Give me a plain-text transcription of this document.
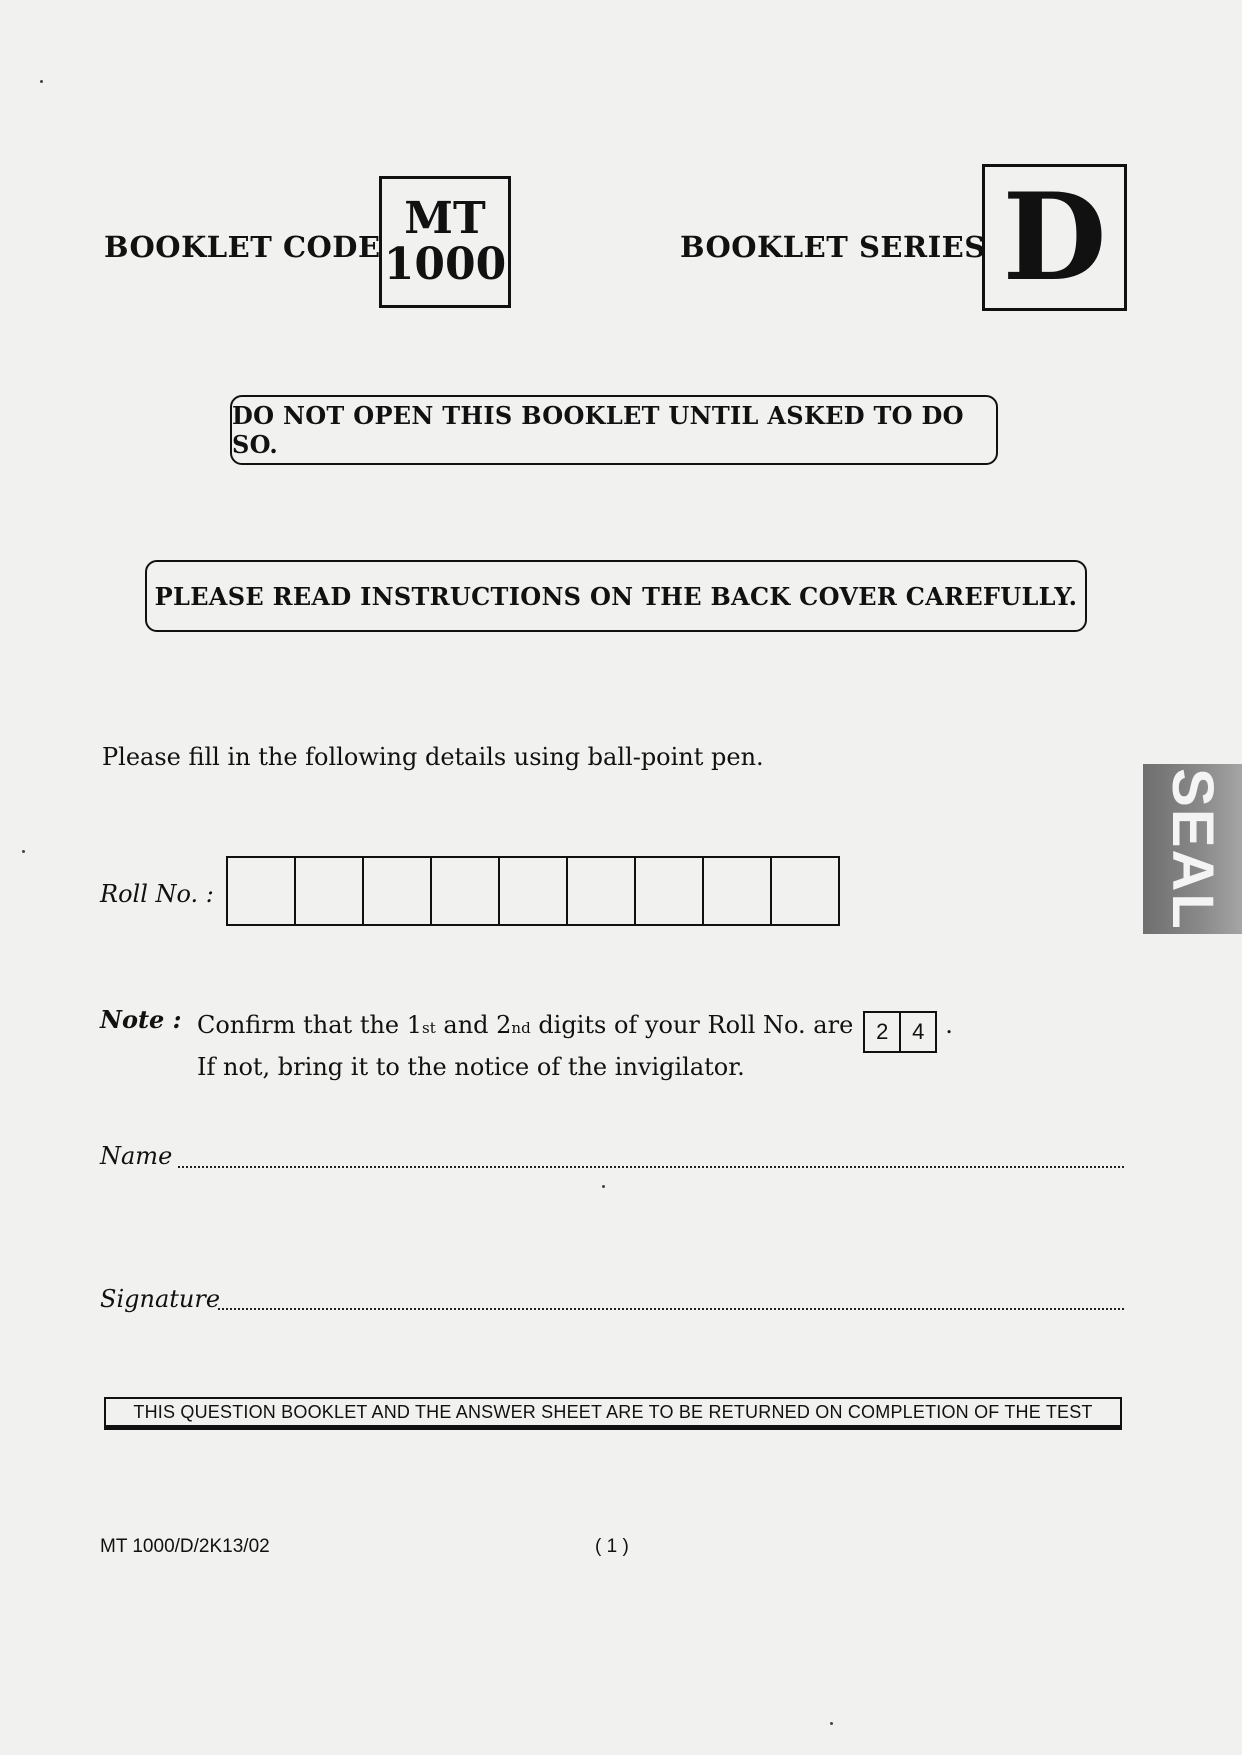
BOOKLET CODE
MT
1000	BOOKLET SERIES D
DO NOT OPEN THIS BOOKLET UNTIL ASKED TO DO SO.
PLEASE READ INSTRUCTIONS ON THE BACK COVER CAREFULLY.
Please fill in the following details using ball-point pen.
Roll No. :
Note : Confirm that the 1 st and 2 nd digits of your Roll No. are	2	4 .
If not, bring it to the notice of the invigilator.
Name
Signature
THIS QUESTION BOOKLET AND THE ANSWER SHEET ARE TO BE RETURNED ON COMPLETION OF THE TEST
MT 1000/D/2K13/02	( 1 )
SEAL
